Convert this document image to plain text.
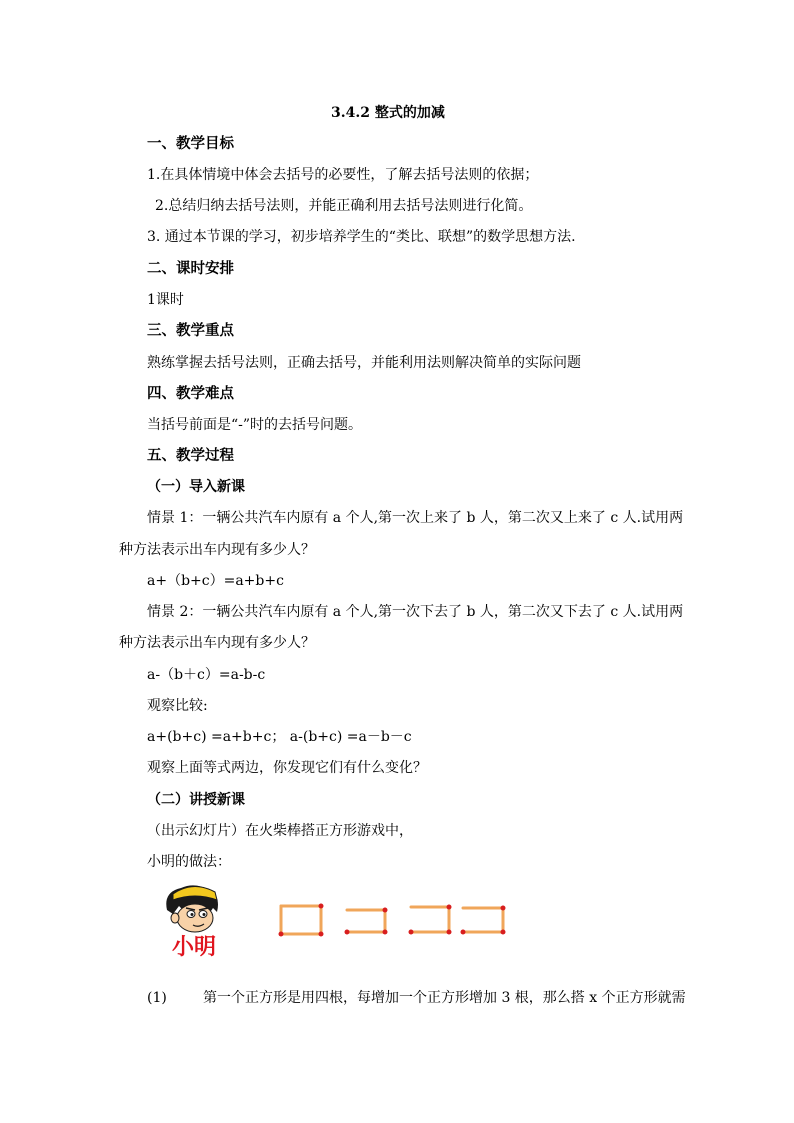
3.4.2 整式的加减
一、教学目标
1.在具体情境中体会去括号的必要性，了解去括号法则的依据；
2.总结归纳去括号法则，并能正确利用去括号法则进行化简。
3. 通过本节课的学习，初步培养学生的“类比、联想”的数学思想方法.
二、课时安排
1课时
三、教学重点
熟练掌握去括号法则，正确去括号，并能利用法则解决简单的实际问题
四、教学难点
当括号前面是“-”时的去括号问题。
五、教学过程
（一）导入新课
情景 1：一辆公共汽车内原有 a 个人,第一次上来了 b 人，第二次又上来了 c 人.试用两
种方法表示出车内现有多少人？
a+（b+c）=a+b+c
情景 2：一辆公共汽车内原有 a 个人,第一次下去了 b 人，第二次又下去了 c 人.试用两
种方法表示出车内现有多少人？
a-（b＋c）=a-b-c
观察比较:
a+(b+c) =a+b+c； a-(b+c) =a－b－c
观察上面等式两边，你发现它们有什么变化？
（二）讲授新课
（出示幻灯片）在火柴棒搭正方形游戏中，
小明的做法：
小明
(1)	第一个正方形是用四根，每增加一个正方形增加 3 根，那么搭 x 个正方形就需
